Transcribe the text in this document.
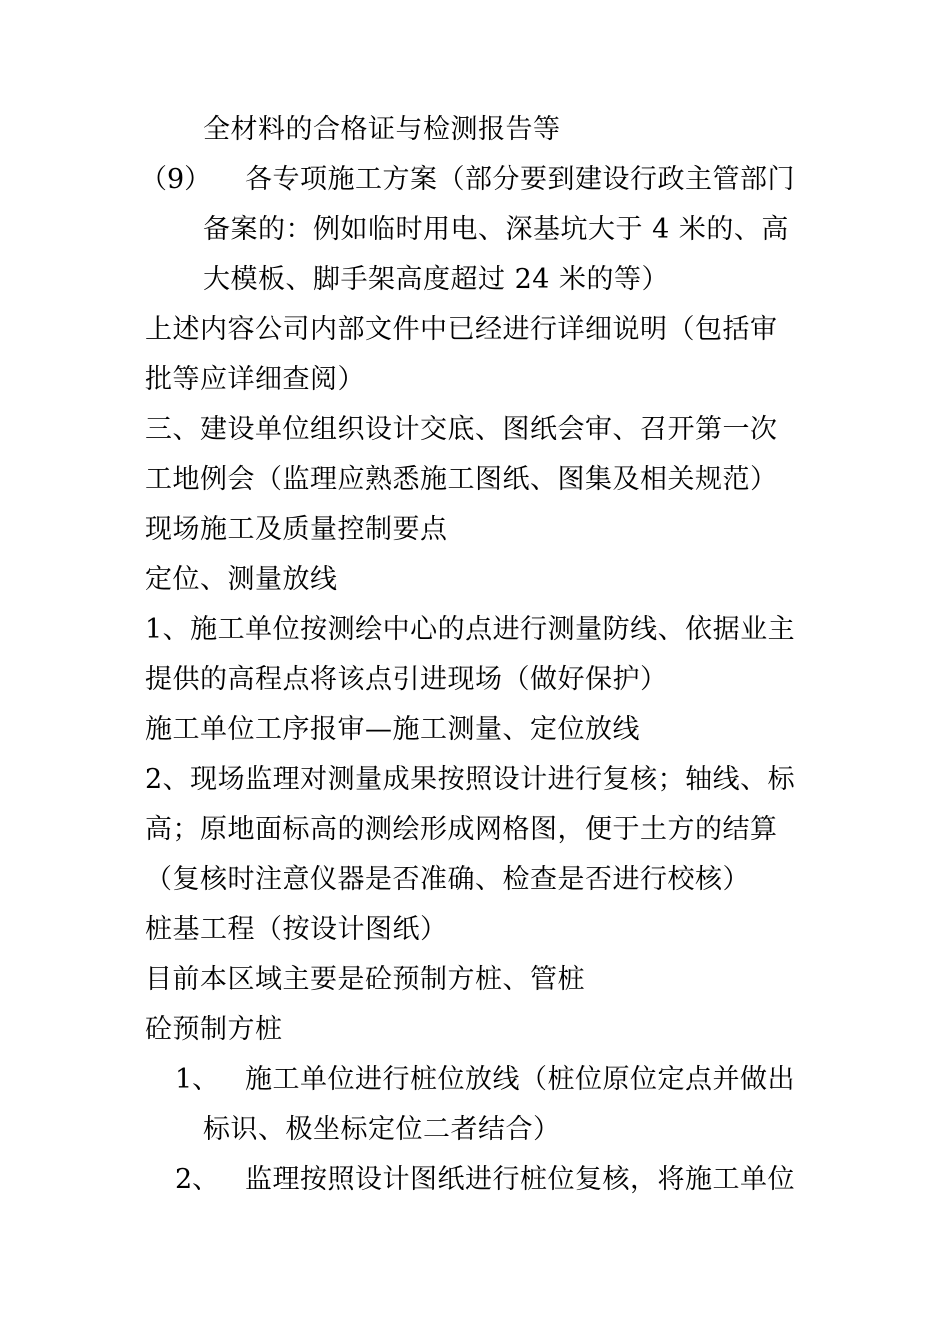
全材料的合格证与检测报告等
（9） 各专项施工方案（部分要到建设行政主管部门
备案的：例如临时用电、深基坑大于 4 米的、高
大模板、脚手架高度超过 24 米的等）
上述内容公司内部文件中已经进行详细说明（包括审
批等应详细查阅）
三、建设单位组织设计交底、图纸会审、召开第一次
工地例会（监理应熟悉施工图纸、图集及相关规范）
现场施工及质量控制要点
定位、测量放线
1、施工单位按测绘中心的点进行测量防线、依据业主
提供的高程点将该点引进现场（做好保护）
施工单位工序报审—施工测量、定位放线
2、现场监理对测量成果按照设计进行复核；轴线、标
高；原地面标高的测绘形成网格图，便于土方的结算
（复核时注意仪器是否准确、检查是否进行校核）
桩基工程（按设计图纸）
目前本区域主要是砼预制方桩、管桩
砼预制方桩
1、 施工单位进行桩位放线（桩位原位定点并做出
标识、极坐标定位二者结合）
2、 监理按照设计图纸进行桩位复核，将施工单位
